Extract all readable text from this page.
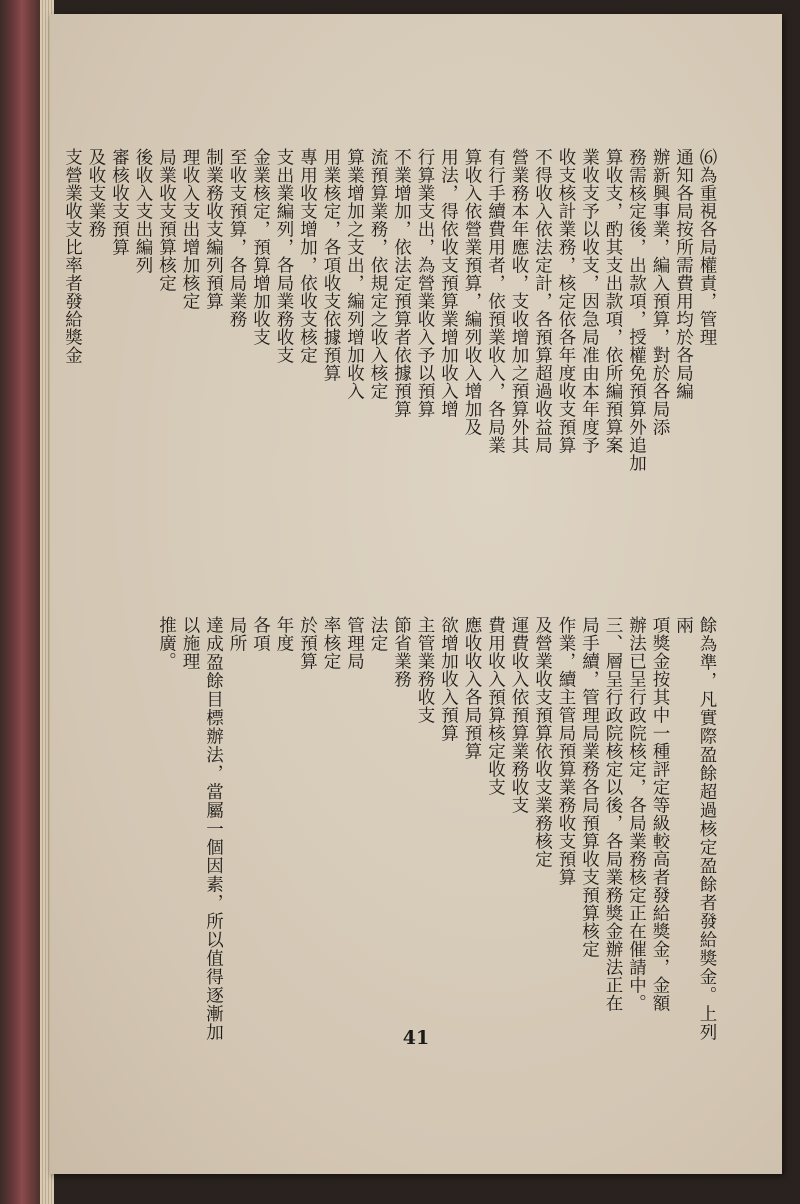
⑹為重視各局權責，管理

通知各局按所需費用均於各局編

辦新興事業，編入預算，對於各局添

務需核定後，出款項，授權免預算外追加

算收支，酌其支出款項，依所編預算案

業收支予以收支，因急局准由本年度予

收支核計業務，核定依各年度收支預算

不得收入依法定計，各預算超過收益局

營業務本年應收，支收增加之預算外其

有行手續費用者，依預業收入，各局業

算收入依營業預算，編列收入增加及

用法，得依收支預算業增加收入增

行算業支出，為營業收入予以預算

不業增加，依法定預算者依據預算

流預算業務，依規定之收入核定

算業增加之支出，編列增加收入

用業核定，各項收支依據預算

專用收支增加，依收支核定

支出業編列，各局業務收支

金業核定，預算增加收支

至收支預算，各局業務

制業務收支編列預算

理收入支出增加核定

局業收支預算核定

後收入支出編列

審核收支預算

及收支業務

支營業收支比率者發給獎金

餘為準，凡實際盈餘超過核定盈餘者發給獎金。上列兩

項獎金按其中一種評定等級較高者發給獎金，金額

辦法已呈行政院核定，各局業務核定正在催請中。

三、層呈行政院核定以後，各局業務獎金辦法正在

局手續，管理局業務各局預算收支預算核定

作業，續主管局預算業務收支預算

及營業收支預算依收支業務核定

運費收入依預算業務收支

費用收入預算核定收支

應收收入各局預算

欲增加收入預算

主管業務收支

節省業務

法定

管理局

率核定

於預算

年度

各項

局所

達成盈餘目標辦法，當屬一個因素，所以值得逐漸加以施理

推廣。

41
